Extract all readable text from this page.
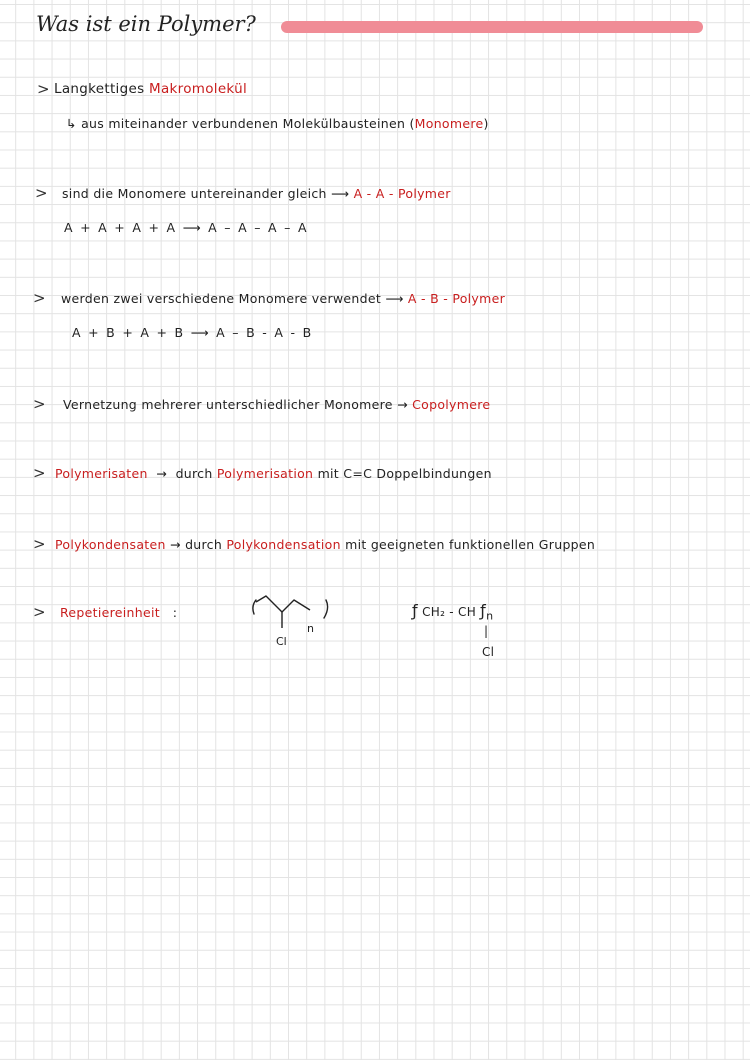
Was ist ein Polymer?
> Langkettiges Makromolekül
↳ aus miteinander verbundenen Molekülbausteinen (Monomere)
> sind die Monomere untereinander gleich ⟶ A - A - Polymer
A + A + A + A ⟶ A – A – A – A
> werden zwei verschiedene Monomere verwendet ⟶ A - B - Polymer
A + B + A + B ⟶ A – B - A - B
> Vernetzung mehrerer unterschiedlicher Monomere → Copolymere
> Polymerisaten → durch Polymerisation mit C=C Doppelbindungen
> Polykondensaten → durch Polykondensation mit geeigneten funktionellen Gruppen
> Repetiereinheit :
Cl
n
ƒ CH₂ - CH $ƒ_n$
|
Cl
